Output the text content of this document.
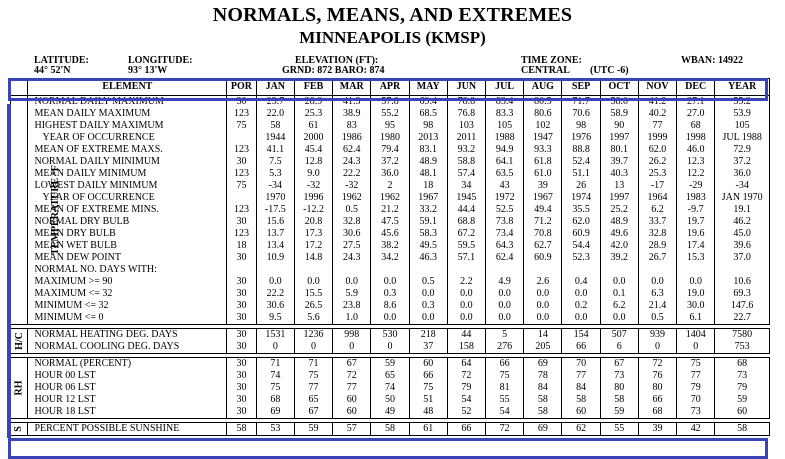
NORMALS, MEANS, AND EXTREMES
MINNEAPOLIS (KMSP)
LATITUDE:
44° 52'N
LONGITUDE:
93° 13'W
ELEVATION (FT):
GRND: 872 BARO: 874
TIME ZONE:
CENTRAL (UTC -6)
WBAN: 14922
	ELEMENT	POR	JAN	FEB	MAR	APR	MAY	JUN	JUL	AUG	SEP	OCT	NOV	DEC	YEAR
TEMPERATURE °F	NORMAL DAILY MAXIMUM	30	23.7	28.9	41.3	57.8	69.4	78.8	83.4	80.5	71.7	58.0	41.2	27.1	55.2
	MEAN DAILY MAXIMUM	123	22.0	25.3	38.9	55.2	68.5	76.8	83.3	80.6	70.6	58.9	40.2	27.0	53.9
	HIGHEST DAILY MAXIMUM	75	58	61	83	95	98	103	105	102	98	90	77	68	105
	YEAR OF OCCURRENCE		1944	2000	1986	1980	2013	2011	1988	1947	1976	1997	1999	1998	JUL 1988
	MEAN OF EXTREME MAXS.	123	41.1	45.4	62.4	79.4	83.1	93.2	94.9	93.3	88.8	80.1	62.0	46.0	72.9
	NORMAL DAILY MINIMUM	30	7.5	12.8	24.3	37.2	48.9	58.8	64.1	61.8	52.4	39.7	26.2	12.3	37.2
	MEAN DAILY MINIMUM	123	5.3	9.0	22.2	36.0	48.1	57.4	63.5	61.0	51.1	40.3	25.3	12.2	36.0
	LOWEST DAILY MINIMUM	75	-34	-32	-32	2	18	34	43	39	26	13	-17	-29	-34
	YEAR OF OCCURRENCE		1970	1996	1962	1962	1967	1945	1972	1967	1974	1997	1964	1983	JAN 1970
	MEAN OF EXTREME MINS.	123	-17.5	-12.2	0.5	21.2	33.2	44.4	52.5	49.4	35.5	25.2	6.2	-9.7	19.1
	NORMAL DRY BULB	30	15.6	20.8	32.8	47.5	59.1	68.8	73.8	71.2	62.0	48.9	33.7	19.7	46.2
	MEAN DRY BULB	123	13.7	17.3	30.6	45.6	58.3	67.2	73.4	70.8	60.9	49.6	32.8	19.6	45.0
	MEAN WET BULB	18	13.4	17.2	27.5	38.2	49.5	59.5	64.3	62.7	54.4	42.0	28.9	17.4	39.6
	MEAN DEW POINT	30	10.9	14.8	24.3	34.2	46.3	57.1	62.4	60.9	52.3	39.2	26.7	15.3	37.0
	NORMAL NO. DAYS WITH:														
	MAXIMUM >= 90	30	0.0	0.0	0.0	0.0	0.5	2.2	4.9	2.6	0.4	0.0	0.0	0.0	10.6
	MAXIMUM <= 32	30	22.2	15.5	5.9	0.3	0.0	0.0	0.0	0.0	0.0	0.1	6.3	19.0	69.3
	MINIMUM <= 32	30	30.6	26.5	23.8	8.6	0.3	0.0	0.0	0.0	0.2	6.2	21.4	30.0	147.6
	MINIMUM <= 0	30	9.5	5.6	1.0	0.0	0.0	0.0	0.0	0.0	0.0	0.0	0.5	6.1	22.7

H/C	NORMAL HEATING DEG. DAYS	30	1531	1236	998	530	218	44	5	14	154	507	939	1404	7580
	NORMAL COOLING DEG. DAYS	30	0	0	0	0	37	158	276	205	66	6	0	0	753

RH	NORMAL (PERCENT)	30	71	71	67	59	60	64	66	69	70	67	72	75	68
	HOUR 00 LST	30	74	75	72	65	66	72	75	78	77	73	76	77	73
	HOUR 06 LST	30	75	77	77	74	75	79	81	84	84	80	80	79	79
	HOUR 12 LST	30	68	65	60	50	51	54	55	58	58	58	66	70	59
	HOUR 18 LST	30	69	67	60	49	48	52	54	58	60	59	68	73	60

S	PERCENT POSSIBLE SUNSHINE	58	53	59	57	58	61	66	72	69	62	55	39	42	58
